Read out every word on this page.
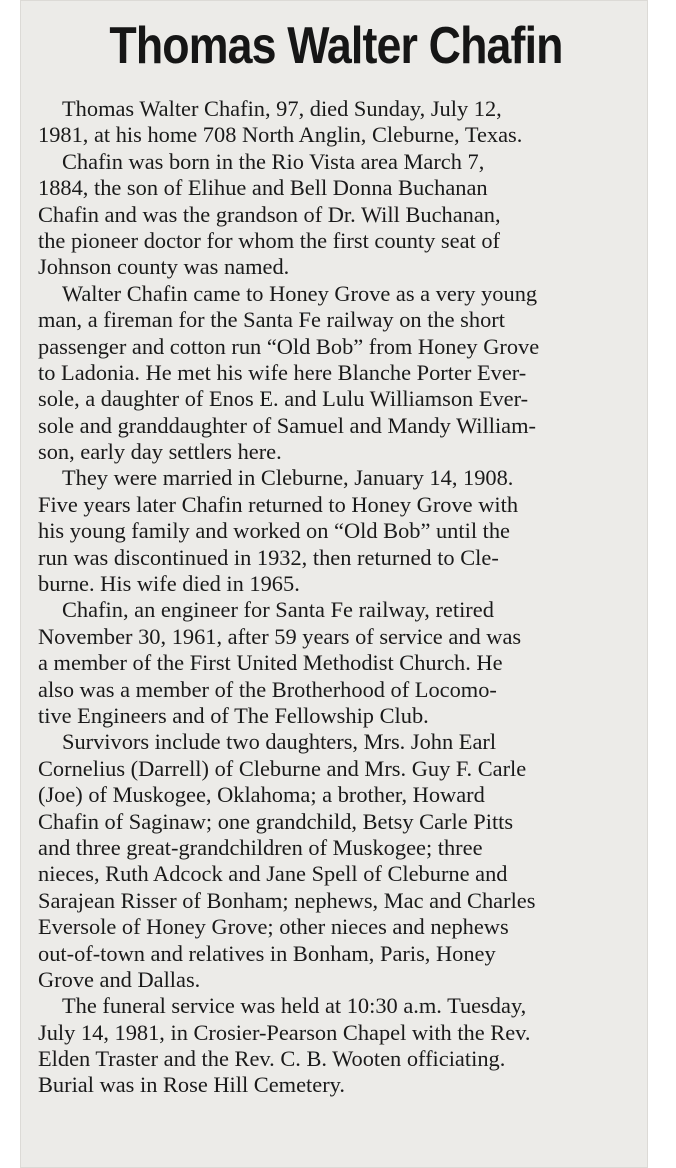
Thomas Walter Chafin

Thomas Walter Chafin, 97, died Sunday, July 12,
1981, at his home 708 North Anglin, Cleburne, Texas.

Chafin was born in the Rio Vista area March 7,
1884, the son of Elihue and Bell Donna Buchanan
Chafin and was the grandson of Dr. Will Buchanan,
the pioneer doctor for whom the first county seat of
Johnson county was named.

Walter Chafin came to Honey Grove as a very young
man, a fireman for the Santa Fe railway on the short
passenger and cotton run “Old Bob” from Honey Grove
to Ladonia. He met his wife here Blanche Porter Ever-
sole, a daughter of Enos E. and Lulu Williamson Ever-
sole and granddaughter of Samuel and Mandy William-
son, early day settlers here.

They were married in Cleburne, January 14, 1908.
Five years later Chafin returned to Honey Grove with
his young family and worked on “Old Bob” until the
run was discontinued in 1932, then returned to Cle-
burne. His wife died in 1965.

Chafin, an engineer for Santa Fe railway, retired
November 30, 1961, after 59 years of service and was
a member of the First United Methodist Church. He
also was a member of the Brotherhood of Locomo-
tive Engineers and of The Fellowship Club.

Survivors include two daughters, Mrs. John Earl
Cornelius (Darrell) of Cleburne and Mrs. Guy F. Carle
(Joe) of Muskogee, Oklahoma; a brother, Howard
Chafin of Saginaw; one grandchild, Betsy Carle Pitts
and three great-grandchildren of Muskogee; three
nieces, Ruth Adcock and Jane Spell of Cleburne and
Sarajean Risser of Bonham; nephews, Mac and Charles
Eversole of Honey Grove; other nieces and nephews
out-of-town and relatives in Bonham, Paris, Honey
Grove and Dallas.

The funeral service was held at 10:30 a.m. Tuesday,
July 14, 1981, in Crosier-Pearson Chapel with the Rev.
Elden Traster and the Rev. C. B. Wooten officiating.
Burial was in Rose Hill Cemetery.
